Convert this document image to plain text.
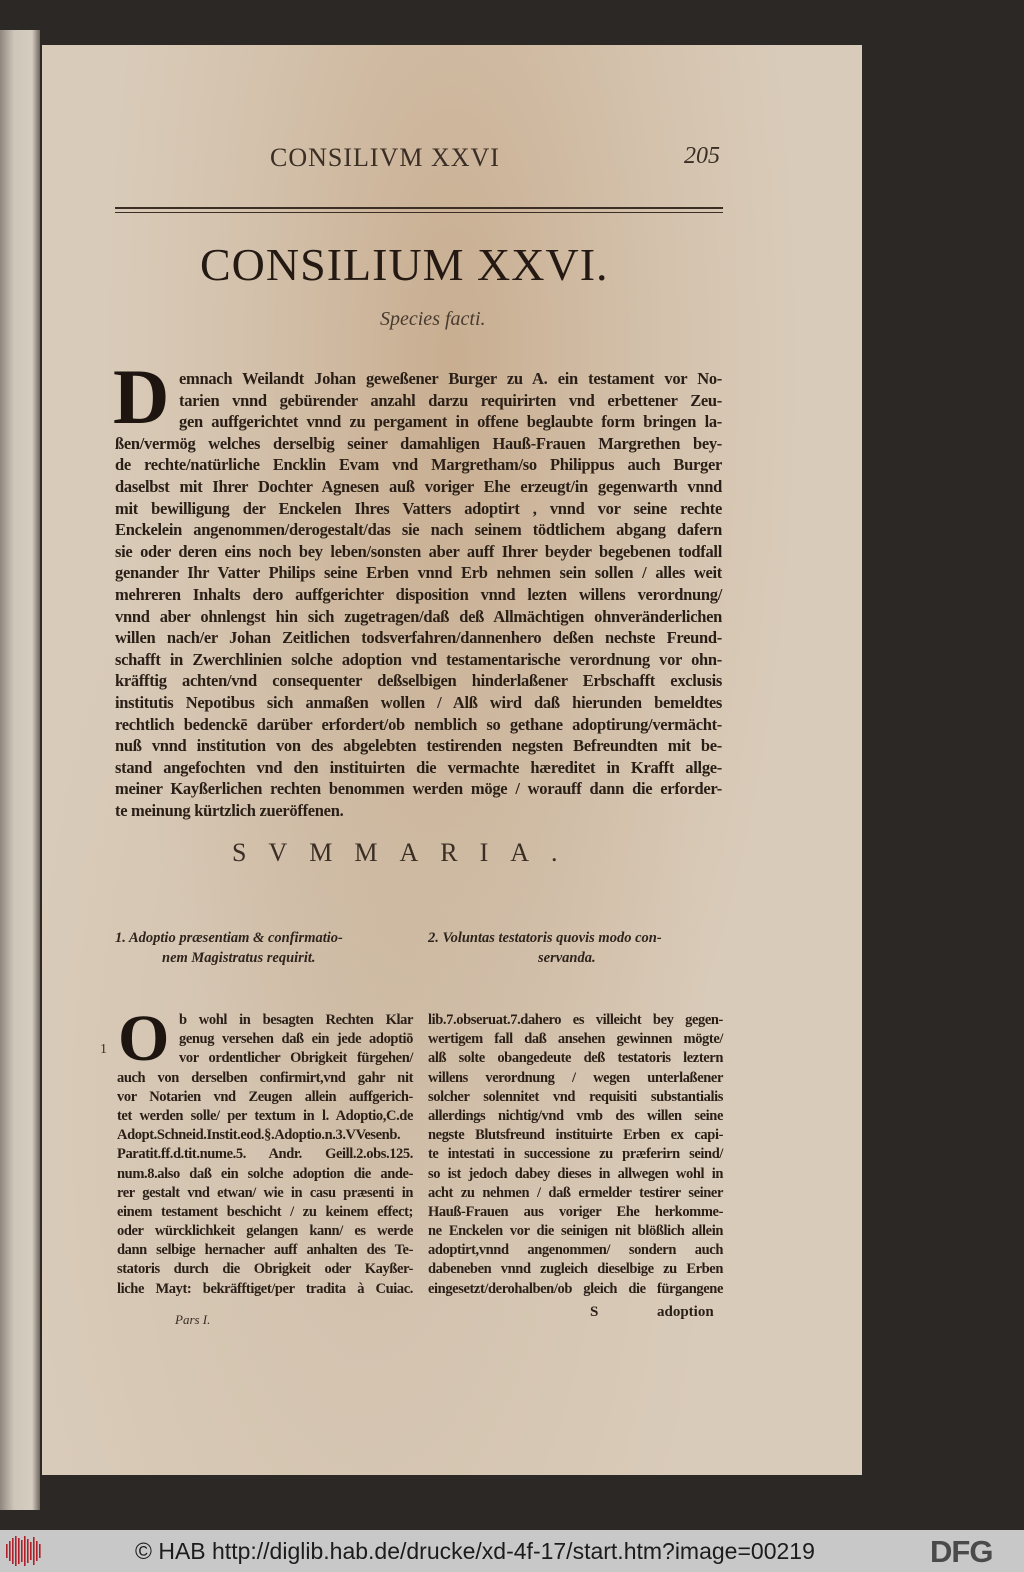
CONSILIVM XXVI	205
CONSILIUM XXVI.
Species facti.
D emnach Weilandt Johan geweßener Burger zu A. ein testament vor No-
tarien vnnd gebürender anzahl darzu requirirten vnd erbettener Zeu-
gen auffgerichtet vnnd zu pergament in offene beglaubte form bringen la-
ßen/vermög welches derselbig seiner damahligen Hauß-Frauen Margrethen bey-
de rechte/natürliche Encklin Evam vnd Margretham/so Philippus auch Burger
daselbst mit Ihrer Dochter Agnesen auß voriger Ehe erzeugt/in gegenwarth vnnd
mit bewilligung der Enckelen Ihres Vatters adoptirt , vnnd vor seine rechte
Enckelein angenommen/derogestalt/das sie nach seinem tödtlichem abgang dafern
sie oder deren eins noch bey leben/sonsten aber auff Ihrer beyder begebenen todfall
genander Ihr Vatter Philips seine Erben vnnd Erb nehmen sein sollen / alles weit
mehreren Inhalts dero auffgerichter disposition vnnd lezten willens verordnung/
vnnd aber ohnlengst hin sich zugetragen/daß deß Allmächtigen ohnveränderlichen
willen nach/er Johan Zeitlichen todsverfahren/dannenhero deßen nechste Freund-
schafft in Zwerchlinien solche adoption vnd testamentarische verordnung vor ohn-
kräfftig achten/vnd consequenter deßselbigen hinderlaßener Erbschafft exclusis
institutis Nepotibus sich anmaßen wollen / Alß wird daß hierunden bemeldtes
rechtlich bedenckē darüber erfordert/ob nemblich so gethane adoptirung/vermächt-
nuß vnnd institution von des abgelebten testirenden negsten Befreundten mit be-
stand angefochten vnd den instituirten die vermachte hæreditet in Krafft allge-
meiner Kayßerlichen rechten benommen werden möge / worauff dann die erforder-
te meinung kürtzlich zueröffenen.
SVMMARIA.
1. Adoptio præsentiam & confirmatio-
nem Magistratus requirit.
2. Voluntas testatoris quovis modo con-
servanda.
1 O b wohl in besagten Rechten Klar
genug versehen daß ein jede adoptiō
vor ordentlicher Obrigkeit fürgehen/
auch von derselben confirmirt,vnd gahr nit
vor Notarien vnd Zeugen allein auffgerich-
tet werden solle/ per textum in l. Adoptio,C.de
Adopt.Schneid.Instit.eod.§.Adoptio.n.3.VVesenb.
Paratit.ff.d.tit.nume.5. Andr. Geill.2.obs.125.
num.8.also daß ein solche adoption die ande-
rer gestalt vnd etwan/ wie in casu præsenti in
einem testament beschicht / zu keinem effect;
oder würcklichkeit gelangen kann/ es werde
dann selbige hernacher auff anhalten des Te-
statoris durch die Obrigkeit oder Kayßer-
liche Mayt: bekräfftiget/per tradita à Cuiac.
lib.7.obseruat.7.dahero es villeicht bey gegen-
wertigem fall daß ansehen gewinnen mögte/
alß solte obangedeute deß testatoris leztern
willens verordnung / wegen unterlaßener
solcher solennitet vnd requisiti substantialis
allerdings nichtig/vnd vmb des willen seine
negste Blutsfreund instituirte Erben ex capi-
te intestati in successione zu præferirn seind/
so ist jedoch dabey dieses in allwegen wohl in
acht zu nehmen / daß ermelder testirer seiner
Hauß-Frauen aus voriger Ehe herkomme-
ne Enckelen vor die seinigen nit blößlich allein
adoptirt,vnnd angenommen/ sondern auch
dabeneben vnnd zugleich dieselbige zu Erben
eingesetzt/derohalben/ob gleich die fürgangene
Pars I.	S	adoption
© HAB http://diglib.hab.de/drucke/xd-4f-17/start.htm?image=00219	DFG
